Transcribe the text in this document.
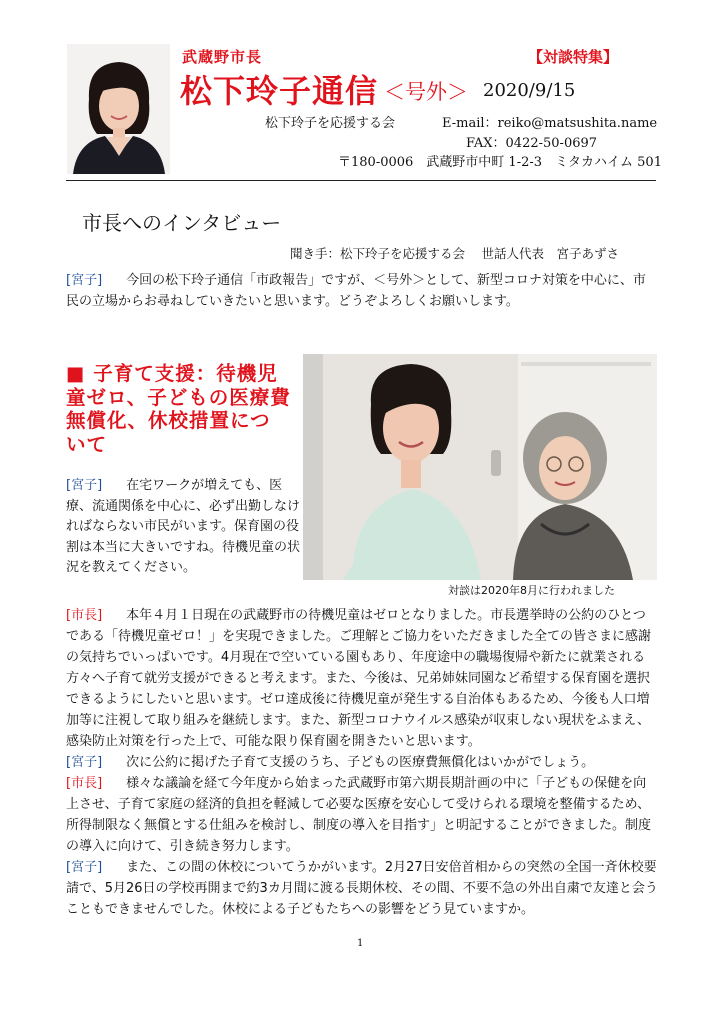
武蔵野市長
松下玲子通信 ＜号外＞ 2020/9/15
【対談特集】
松下玲子を応援する会	E-mail：reiko@matsushita.name
FAX：0422-50-0697
〒180-0006　武蔵野市中町 1-2-3　ミタカハイム 501
市長へのインタビュー
聞き手：松下玲子を応援する会　 世話人代表　宮子あずさ

[宮子] 今回の松下玲子通信「市政報告」ですが、＜号外＞として、新型コロナ対策を中心に、市民の立場からお尋ねしていきたいと思います。どうぞよろしくお願いします。

■ 子育て支援：待機児童ゼロ、子どもの医療費無償化、休校措置について

[宮子] 在宅ワークが増えても、医療、流通関係を中心に、必ず出勤しなければならない市民がいます。保育園の役割は本当に大きいですね。待機児童の状況を教えてください。

対談は2020年8月に行われました

[市長] 本年４月１日現在の武蔵野市の待機児童はゼロとなりました。市長選挙時の公約のひとつである「待機児童ゼロ！」を実現できました。ご理解とご協力をいただきました全ての皆さまに感謝の気持ちでいっぱいです。4月現在で空いている園もあり、年度途中の職場復帰や新たに就業される方々へ子育て就労支援ができると考えます。また、今後は、兄弟姉妹同園など希望する保育園を選択できるようにしたいと思います。ゼロ達成後に待機児童が発生する自治体もあるため、今後も人口増加等に注視して取り組みを継続します。また、新型コロナウイルス感染が収束しない現状をふまえ、感染防止対策を行った上で、可能な限り保育園を開きたいと思います。

[宮子] 次に公約に掲げた子育て支援のうち、子どもの医療費無償化はいかがでしょう。

[市長] 様々な議論を経て今年度から始まった武蔵野市第六期長期計画の中に「子どもの保健を向上させ、子育て家庭の経済的負担を軽減して必要な医療を安心して受けられる環境を整備するため、所得制限なく無償とする仕組みを検討し、制度の導入を目指す」と明記することができました。制度の導入に向けて、引き続き努力します。

[宮子] また、この間の休校についてうかがいます。2月27日安倍首相からの突然の全国一斉休校要請で、5月26日の学校再開まで約3カ月間に渡る長期休校、その間、不要不急の外出自粛で友達と会うこともできませんでした。休校による子どもたちへの影響をどう見ていますか。

1
